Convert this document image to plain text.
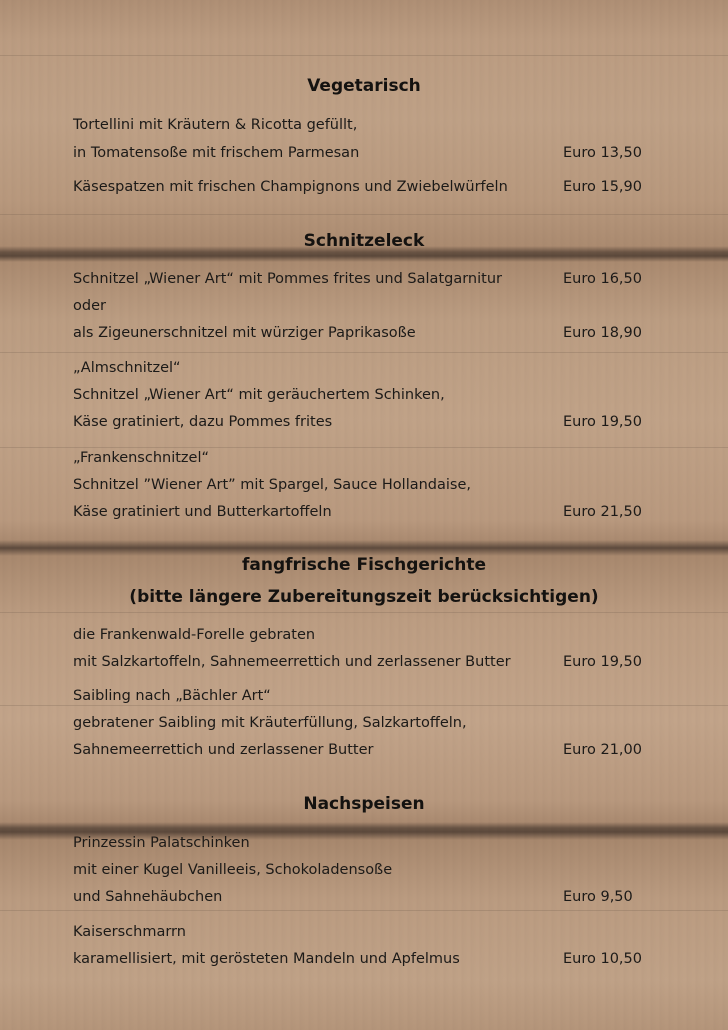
Vegetarisch
Tortellini mit Kräutern & Ricotta gefüllt,
in Tomatensoße mit frischem Parmesan	Euro 13,50
Käsespatzen mit frischen Champignons und Zwiebelwürfeln	Euro 15,90
Schnitzeleck
Schnitzel „Wiener Art“ mit Pommes frites und Salatgarnitur	Euro 16,50
oder
als Zigeunerschnitzel mit würziger Paprikasoße	Euro 18,90
„Almschnitzel“
Schnitzel „Wiener Art“ mit geräuchertem Schinken,
Käse gratiniert, dazu Pommes frites	Euro 19,50
„Frankenschnitzel“
Schnitzel ”Wiener Art” mit Spargel, Sauce Hollandaise,
Käse gratiniert und Butterkartoffeln	Euro 21,50
fangfrische Fischgerichte
(bitte längere Zubereitungszeit berücksichtigen)
die Frankenwald-Forelle gebraten
mit Salzkartoffeln, Sahnemeerrettich und zerlassener Butter	Euro 19,50
Saibling nach „Bächler Art“
gebratener Saibling mit Kräuterfüllung, Salzkartoffeln,
Sahnemeerrettich und zerlassener Butter	Euro 21,00
Nachspeisen
Prinzessin Palatschinken
mit einer Kugel Vanilleeis, Schokoladensoße
und Sahnehäubchen	Euro 9,50
Kaiserschmarrn
karamellisiert, mit gerösteten Mandeln und Apfelmus	Euro 10,50
